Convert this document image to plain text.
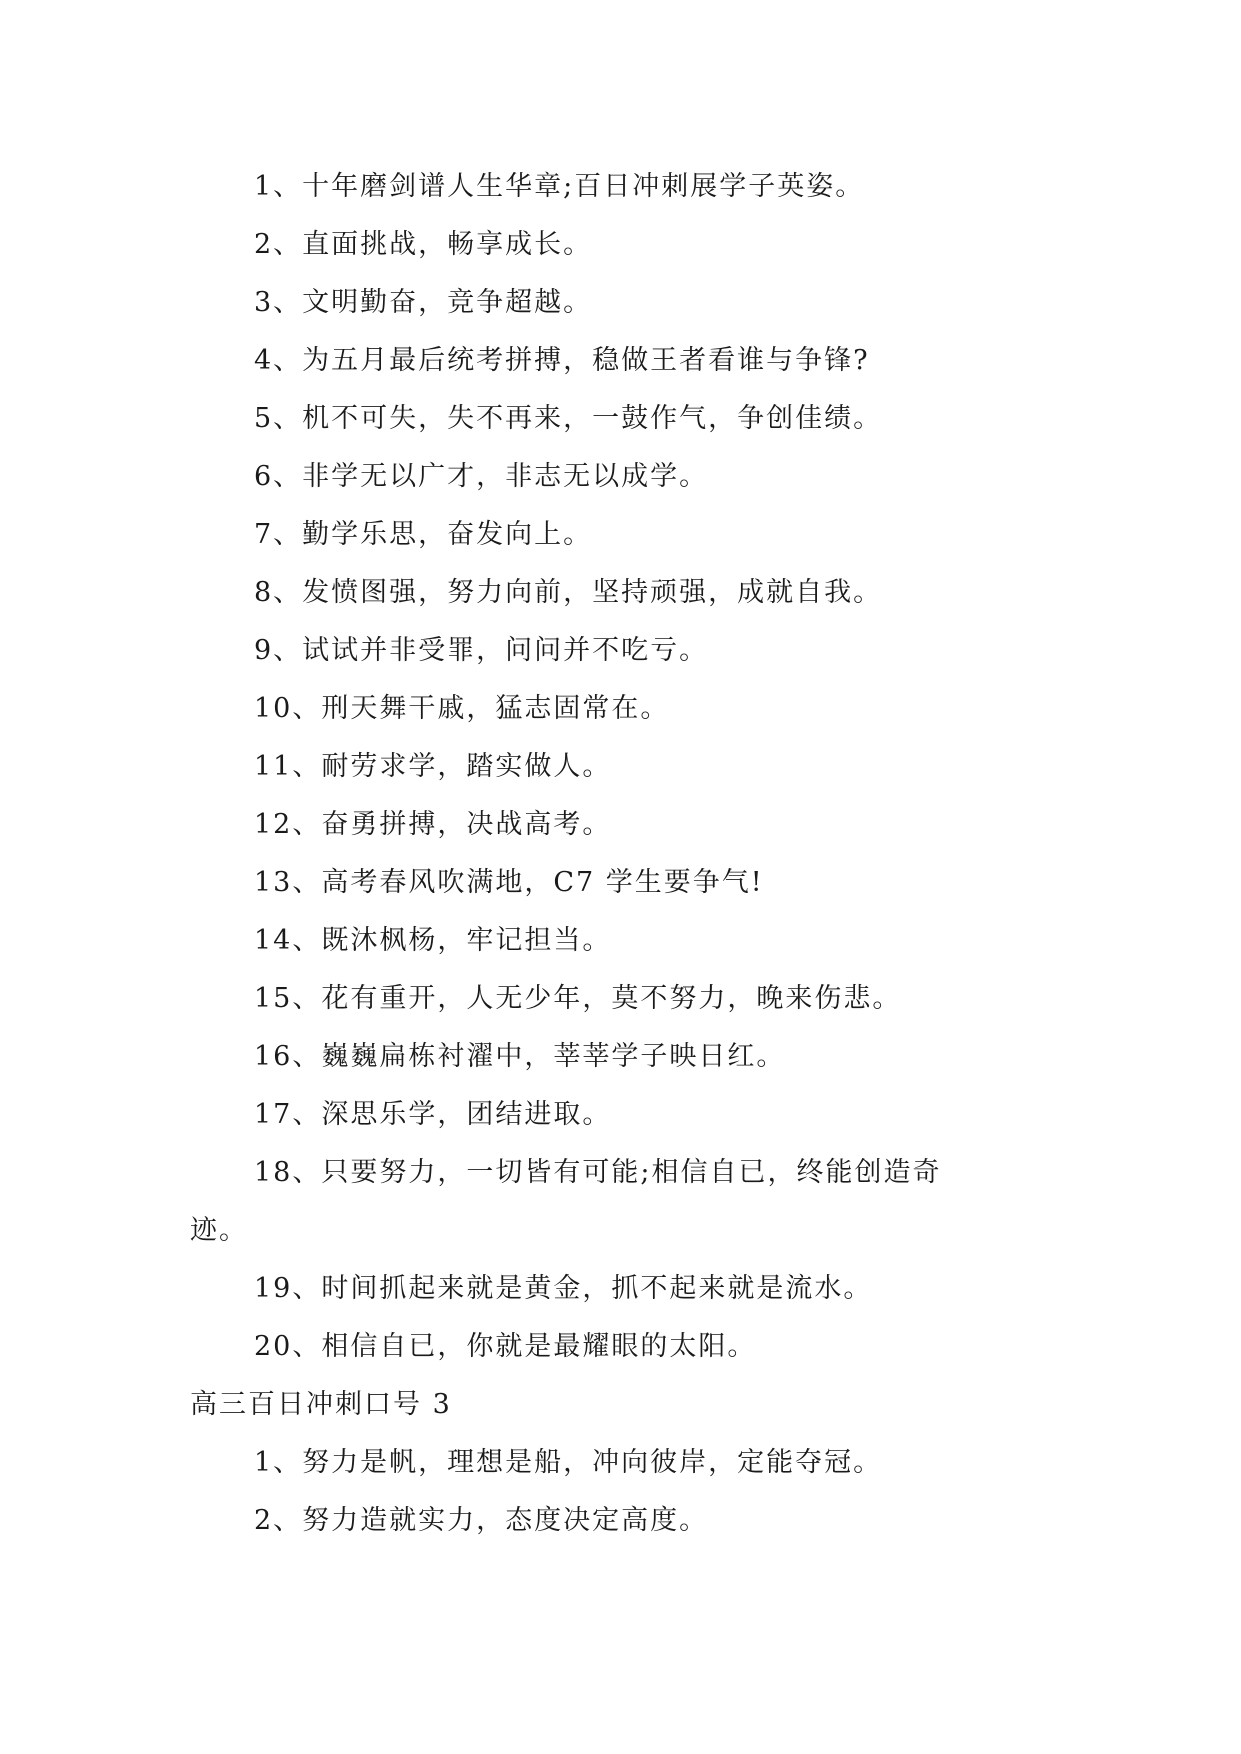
1、十年磨剑谱人生华章;百日冲刺展学子英姿。
2、直面挑战，畅享成长。
3、文明勤奋，竞争超越。
4、为五月最后统考拼搏，稳做王者看谁与争锋?
5、机不可失，失不再来，一鼓作气，争创佳绩。
6、非学无以广才，非志无以成学。
7、勤学乐思，奋发向上。
8、发愤图强，努力向前，坚持顽强，成就自我。
9、试试并非受罪，问问并不吃亏。
10、刑天舞干戚，猛志固常在。
11、耐劳求学，踏实做人。
12、奋勇拼搏，决战高考。
13、高考春风吹满地，C7 学生要争气!
14、既沐枫杨，牢记担当。
15、花有重开，人无少年，莫不努力，晚来伤悲。
16、巍巍扁栋衬濯中，莘莘学子映日红。
17、深思乐学，团结进取。
18、只要努力，一切皆有可能;相信自已，终能创造奇
迹。
19、时间抓起来就是黄金，抓不起来就是流水。
20、相信自已，你就是最耀眼的太阳。
高三百日冲刺口号 3
1、努力是帆，理想是船，冲向彼岸，定能夺冠。
2、努力造就实力，态度决定高度。
